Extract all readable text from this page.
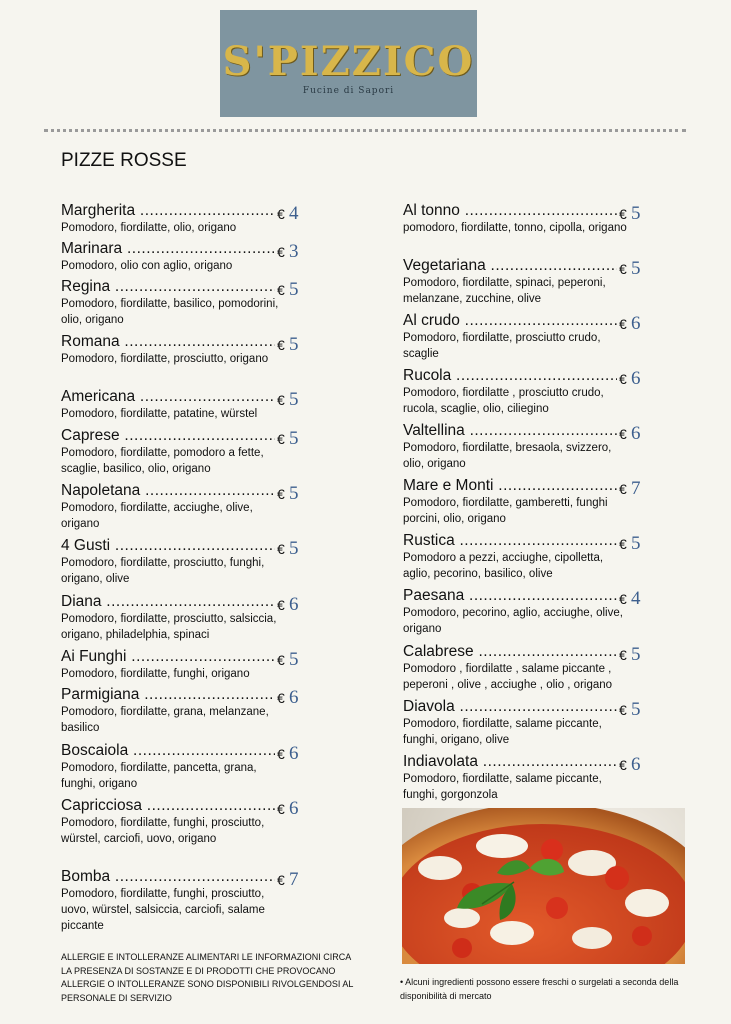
S'PIZZICO
Fucine di Sapori
PIZZE ROSSE
Margherita .....	€ 4
Pomodoro, fiordilatte, olio, origano
Marinara .....	€ 3
Pomodoro, olio con aglio, origano
Regina .....	€ 5
Pomodoro, fiordilatte, basilico, pomodorini, olio, origano
Romana .....	€ 5
Pomodoro, fiordilatte, prosciutto, origano
Americana .....	€ 5
Pomodoro, fiordilatte, patatine, würstel
Caprese .....	€ 5
Pomodoro, fiordilatte, pomodoro a fette, scaglie, basilico, olio, origano
Napoletana .....	€ 5
Pomodoro, fiordilatte, acciughe, olive, origano
4 Gusti .....	€ 5
Pomodoro, fiordilatte, prosciutto, funghi, origano, olive
Diana .....	€ 6
Pomodoro, fiordilatte, prosciutto, salsiccia, origano, philadelphia, spinaci
Ai Funghi .....	€ 5
Pomodoro, fiordilatte, funghi, origano
Parmigiana .....	€ 6
Pomodoro, fiordilatte, grana, melanzane, basilico
Boscaiola .....	€ 6
Pomodoro, fiordilatte, pancetta, grana, funghi, origano
Capricciosa .....	€ 6
Pomodoro, fiordilatte, funghi, prosciutto, würstel, carciofi, uovo, origano
Bomba .....	€ 7
Pomodoro, fiordilatte, funghi, prosciutto, uovo, würstel, salsiccia, carciofi, salame piccante
Al tonno .....	€ 5
pomodoro, fiordilatte, tonno, cipolla, origano
Vegetariana .....	€ 5
Pomodoro, fiordilatte, spinaci, peperoni, melanzane, zucchine, olive
Al crudo .....	€ 6
Pomodoro, fiordilatte, prosciutto crudo, scaglie
Rucola .....	€ 6
Pomodoro, fiordilatte , prosciutto crudo, rucola, scaglie, olio, ciliegino
Valtellina .....	€ 6
Pomodoro, fiordilatte, bresaola, svizzero, olio, origano
Mare e Monti .....	€ 7
Pomodoro, fiordilatte, gamberetti, funghi porcini, olio, origano
Rustica .....	€ 5
Pomodoro a pezzi, acciughe, cipolletta, aglio, pecorino, basilico, olive
Paesana .....	€ 4
Pomodoro, pecorino, aglio, acciughe, olive, origano
Calabrese .....	€ 5
Pomodoro , fiordilatte , salame piccante , peperoni , olive , acciughe , olio , origano
Diavola .....	€ 5
Pomodoro, fiordilatte, salame piccante, funghi, origano, olive
Indiavolata .....	€ 6
Pomodoro, fiordilatte, salame piccante, funghi, gorgonzola
ALLERGIE E INTOLLERANZE ALIMENTARI LE INFORMAZIONI CIRCA LA PRESENZA DI SOSTANZE E DI PRODOTTI CHE PROVOCANO ALLERGIE O INTOLLERANZE SONO DISPONIBILI RIVOLGENDOSI AL PERSONALE DI SERVIZIO
• Alcuni ingredienti possono essere freschi o surgelati a seconda della disponibilità di mercato
